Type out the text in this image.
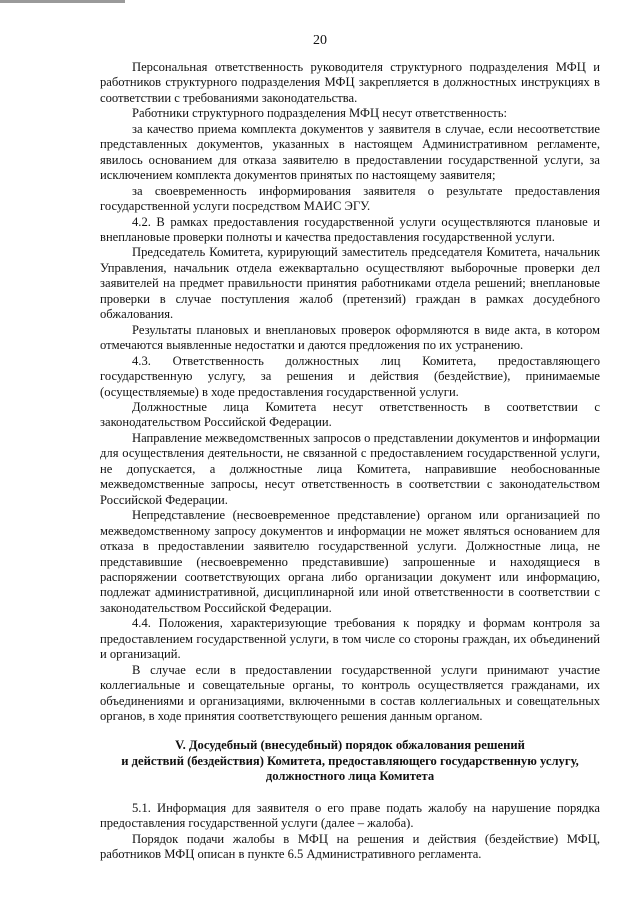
20

Персональная ответственность руководителя структурного подразделения МФЦ и работников структурного подразделения МФЦ закрепляется в должностных инструкциях в соответствии с требованиями законодательства.

Работники структурного подразделения МФЦ несут ответственность:

за качество приема комплекта документов у заявителя в случае, если несоответствие представленных документов, указанных в настоящем Административном регламенте, явилось основанием для отказа заявителю в предоставлении государственной услуги, за исключением комплекта документов принятых по настоящему заявителя;

за своевременность информирования заявителя о результате предоставления государственной услуги посредством МАИС ЭГУ.

4.2. В рамках предоставления государственной услуги осуществляются плановые и внеплановые проверки полноты и качества предоставления государственной услуги.

Председатель Комитета, курирующий заместитель председателя Комитета, начальник Управления, начальник отдела ежеквартально осуществляют выборочные проверки дел заявителей на предмет правильности принятия работниками отдела решений; внеплановые проверки в случае поступления жалоб (претензий) граждан в рамках досудебного обжалования.

Результаты плановых и внеплановых проверок оформляются в виде акта, в котором отмечаются выявленные недостатки и даются предложения по их устранению.

4.3. Ответственность должностных лиц Комитета, предоставляющего государственную услугу, за решения и действия (бездействие), принимаемые (осуществляемые) в ходе предоставления государственной услуги.

Должностные лица Комитета несут ответственность в соответствии с законодательством Российской Федерации.

Направление межведомственных запросов о представлении документов и информации для осуществления деятельности, не связанной с предоставлением государственной услуги, не допускается, а должностные лица Комитета, направившие необоснованные межведомственные запросы, несут ответственность в соответствии с законодательством Российской Федерации.

Непредставление (несвоевременное представление) органом или организацией по межведомственному запросу документов и информации не может являться основанием для отказа в предоставлении заявителю государственной услуги. Должностные лица, не представившие (несвоевременно представившие) запрошенные и находящиеся в распоряжении соответствующих органа либо организации документ или информацию, подлежат административной, дисциплинарной или иной ответственности в соответствии с законодательством Российской Федерации.

4.4. Положения, характеризующие требования к порядку и формам контроля за предоставлением государственной услуги, в том числе со стороны граждан, их объединений и организаций.

В случае если в предоставлении государственной услуги принимают участие коллегиальные и совещательные органы, то контроль осуществляется гражданами, их объединениями и организациями, включенными в состав коллегиальных и совещательных органов, в ходе принятия соответствующего решения данным органом.

V. Досудебный (внесудебный) порядок обжалования решений
и действий (бездействия) Комитета, предоставляющего государственную услугу,
должностного лица Комитета

5.1. Информация для заявителя о его праве подать жалобу на нарушение порядка предоставления государственной услуги (далее – жалоба).

Порядок подачи жалобы в МФЦ на решения и действия (бездействие) МФЦ, работников МФЦ описан в пункте 6.5 Административного регламента.
